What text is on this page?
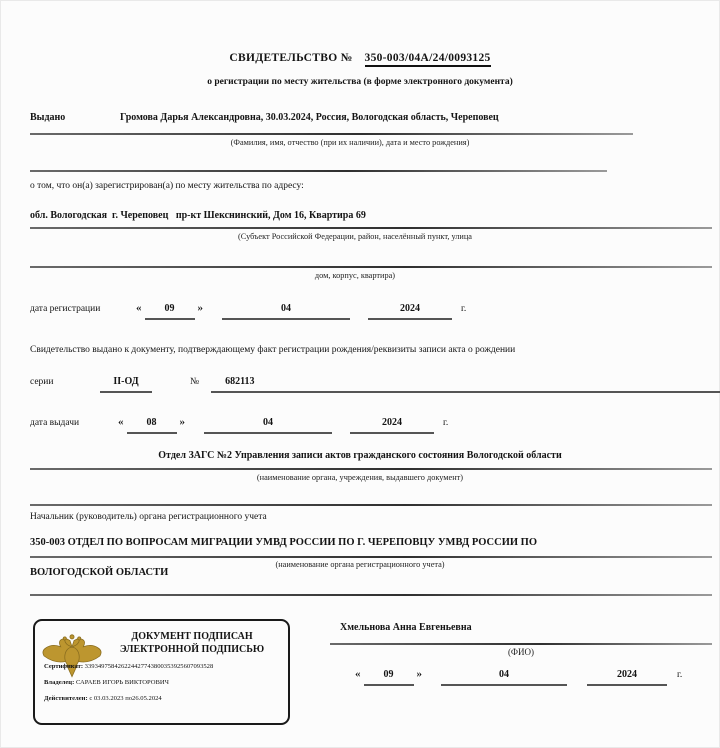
СВИДЕТЕЛЬСТВО № 350-003/04А/24/0093125
о регистрации по месту жительства (в форме электронного документа)
Выдано	Громова Дарья Александровна, 30.03.2024, Россия, Вологодская область, Череповец
(Фамилия, имя, отчество (при их наличии), дата и место рождения)
о том, что он(а) зарегистрирован(а) по месту жительства по адресу:
обл. Вологодская  г. Череповец   пр-кт Шекснинский, Дом 16, Квартира 69
(Субъект Российской Федерации, район, населённый пункт, улица
дом, корпус, квартира)
дата регистрации	«	09	»	04	2024	г.
Свидетельство выдано к документу, подтверждающему факт регистрации рождения/реквизиты записи акта о рождении
серии	II-ОД	№	682113
дата выдачи	«	08	»	04	2024	г.
Отдел ЗАГС №2 Управления записи актов гражданского состояния Вологодской области
(наименование органа, учреждения, выдавшего документ)
Начальник (руководитель) органа регистрационного учета
350-003 ОТДЕЛ ПО ВОПРОСАМ МИГРАЦИИ УМВД РОССИИ ПО Г. ЧЕРЕПОВЦУ УМВД РОССИИ ПО
(наименование органа регистрационного учета)
ВОЛОГОДСКОЙ ОБЛАСТИ
ДОКУМЕНТ ПОДПИСАН
ЭЛЕКТРОННОЙ ПОДПИСЬЮ
Сертификат: 339349758426224427743800353925607093528
Владелец: САРАЕВ ИГОРЬ ВИКТОРОВИЧ
Действителен: с 03.03.2023 по26.05.2024
Хмельнова Анна Евгеньевна
(ФИО)
«	09	»	04	2024	г.
